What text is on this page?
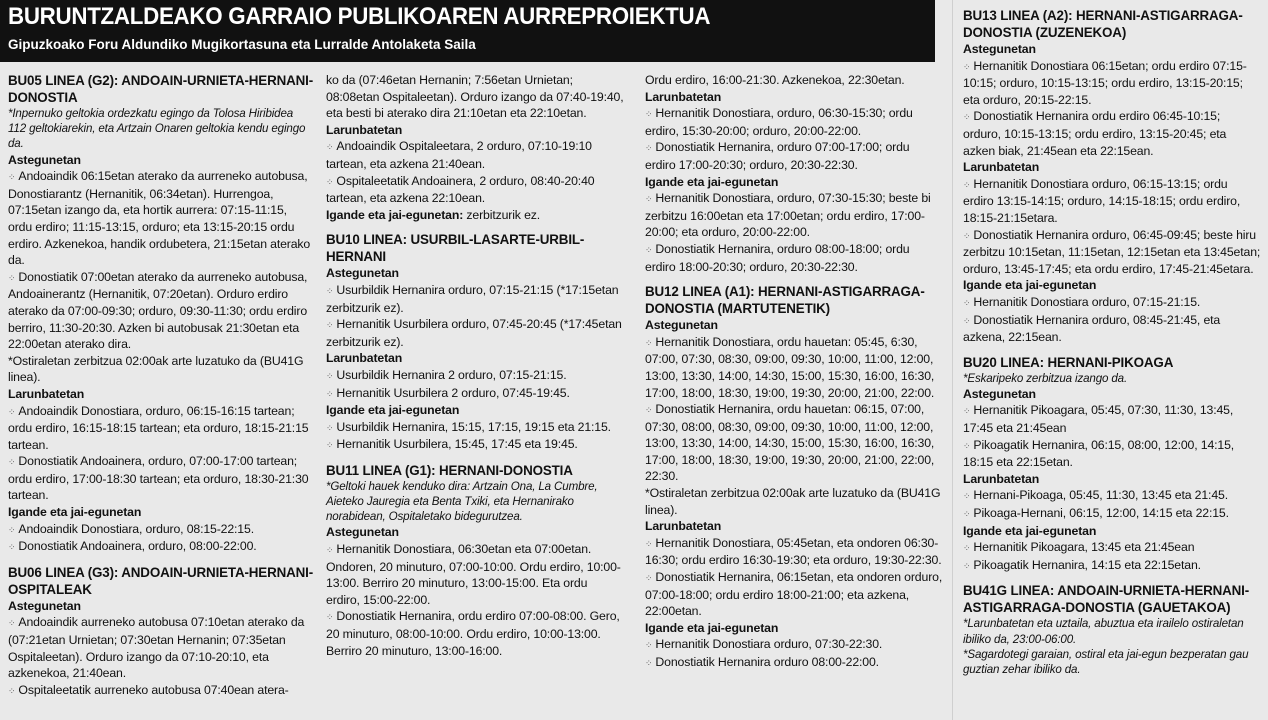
BURUNTZALDEAKO GARRAIO PUBLIKOAREN AURREPROIEKTUA
Gipuzkoako Foru Aldundiko Mugikortasuna eta Lurralde Antolaketa Saila

BU05 LINEA (G2): ANDOAIN-URNIETA-HERNANI-DONOSTIA

*Inpernuko geltokia ordezkatu egingo da Tolosa Hiribidea 112 geltokiarekin, eta Artzain Onaren geltokia kendu egingo da.

Astegunetan

⁘ Andoaindik 06:15etan aterako da aurreneko autobusa, Donostiarantz (Hernanitik, 06:34etan). Hurrengoa, 07:15etan izango da, eta hortik aurrera: 07:15-11:15, ordu erdiro; 11:15-13:15, orduro; eta 13:15-20:15 ordu erdiro. Azkenekoa, handik ordubetera, 21:15etan aterako da.

⁘ Donostiatik 07:00etan aterako da aurreneko autobusa, Andoainerantz (Hernanitik, 07:20etan). Orduro erdiro aterako da 07:00-09:30; orduro, 09:30-11:30; ordu erdiro berriro, 11:30-20:30. Azken bi autobusak 21:30etan eta 22:00etan aterako dira.

*Ostiraletan zerbitzua 02:00ak arte luzatuko da (BU41G linea).

Larunbatetan

⁘ Andoaindik Donostiara, orduro, 06:15-16:15 tartean; ordu erdiro, 16:15-18:15 tartean; eta orduro, 18:15-21:15 tartean.

⁘ Donostiatik Andoainera, orduro, 07:00-17:00 tartean; ordu erdiro, 17:00-18:30 tartean; eta orduro, 18:30-21:30 tartean.

Igande eta jai-egunetan

⁘ Andoaindik Donostiara, orduro, 08:15-22:15.

⁘ Donostiatik Andoainera, orduro, 08:00-22:00.

BU06 LINEA (G3): ANDOAIN-URNIETA-HERNANI-OSPITALEAK

Astegunetan

⁘ Andoaindik aurreneko autobusa 07:10etan aterako da (07:21etan Urnietan; 07:30etan Hernanin; 07:35etan Ospitaleetan). Orduro izango da 07:10-20:10, eta azkenekoa, 21:40ean.

⁘ Ospitaleetatik aurreneko autobusa 07:40ean atera-

ko da (07:46etan Hernanin; 7:56etan Urnietan; 08:08etan Ospitaleetan). Orduro izango da 07:40-19:40, eta besti bi aterako dira 21:10etan eta 22:10etan.

Larunbatetan

⁘ Andoaindik Ospitaleetara, 2 orduro, 07:10-19:10 tartean, eta azkena 21:40ean.

⁘ Ospitaleetatik Andoainera, 2 orduro, 08:40-20:40 tartean, eta azkena 22:10ean.

Igande eta jai-egunetan: zerbitzurik ez.

BU10 LINEA: USURBIL-LASARTE-URBIL-HERNANI

Astegunetan

⁘ Usurbildik Hernanira orduro, 07:15-21:15 (*17:15etan zerbitzurik ez).

⁘ Hernanitik Usurbilera orduro, 07:45-20:45 (*17:45etan zerbitzurik ez).

Larunbatetan

⁘ Usurbildik Hernanira 2 orduro, 07:15-21:15.

⁘ Hernanitik Usurbilera 2 orduro, 07:45-19:45.

Igande eta jai-egunetan

⁘ Usurbildik Hernanira, 15:15, 17:15, 19:15 eta 21:15.

⁘ Hernanitik Usurbilera, 15:45, 17:45 eta 19:45.

BU11 LINEA (G1): HERNANI-DONOSTIA

*Geltoki hauek kenduko dira: Artzain Ona, La Cumbre, Aieteko Jauregia eta Benta Txiki, eta Hernanirako norabidean, Ospitaletako bidegurutzea.

Astegunetan

⁘ Hernanitik Donostiara, 06:30etan eta 07:00etan. Ondoren, 20 minuturo, 07:00-10:00. Ordu erdiro, 10:00-13:00. Berriro 20 minuturo, 13:00-15:00. Eta ordu erdiro, 15:00-22:00.

⁘ Donostiatik Hernanira, ordu erdiro 07:00-08:00. Gero, 20 minuturo, 08:00-10:00. Ordu erdiro, 10:00-13:00. Berriro 20 minuturo, 13:00-16:00.

Ordu erdiro, 16:00-21:30. Azkenekoa, 22:30etan.

Larunbatetan

⁘ Hernanitik Donostiara, orduro, 06:30-15:30; ordu erdiro, 15:30-20:00; orduro, 20:00-22:00.

⁘ Donostiatik Hernanira, orduro 07:00-17:00; ordu erdiro 17:00-20:30; orduro, 20:30-22:30.

Igande eta jai-egunetan

⁘ Hernanitik Donostiara, orduro, 07:30-15:30; beste bi zerbitzu 16:00etan eta 17:00etan; ordu erdiro, 17:00-20:00; eta orduro, 20:00-22:00.

⁘ Donostiatik Hernanira, orduro 08:00-18:00; ordu erdiro 18:00-20:30; orduro, 20:30-22:30.

BU12 LINEA (A1): HERNANI-ASTIGARRAGA-DONOSTIA (MARTUTENETIK)

Astegunetan

⁘ Hernanitik Donostiara, ordu hauetan: 05:45, 6:30, 07:00, 07:30, 08:30, 09:00, 09:30, 10:00, 11:00, 12:00, 13:00, 13:30, 14:00, 14:30, 15:00, 15:30, 16:00, 16:30, 17:00, 18:00, 18:30, 19:00, 19:30, 20:00, 21:00, 22:00.

⁘ Donostiatik Hernanira, ordu hauetan: 06:15, 07:00, 07:30, 08:00, 08:30, 09:00, 09:30, 10:00, 11:00, 12:00, 13:00, 13:30, 14:00, 14:30, 15:00, 15:30, 16:00, 16:30, 17:00, 18:00, 18:30, 19:00, 19:30, 20:00, 21:00, 22:00, 22:30.

*Ostiraletan zerbitzua 02:00ak arte luzatuko da (BU41G linea).

Larunbatetan

⁘ Hernanitik Donostiara, 05:45etan, eta ondoren 06:30-16:30; ordu erdiro 16:30-19:30; eta orduro, 19:30-22:30.

⁘ Donostiatik Hernanira, 06:15etan, eta ondoren orduro, 07:00-18:00; ordu erdiro 18:00-21:00; eta azkena, 22:00etan.

Igande eta jai-egunetan

⁘ Hernanitik Donostiara orduro, 07:30-22:30.

⁘ Donostiatik Hernanira orduro 08:00-22:00.

BU13 LINEA (A2): HERNANI-ASTIGARRAGA-DONOSTIA (ZUZENEKOA)

Astegunetan

⁘ Hernanitik Donostiara 06:15etan; ordu erdiro 07:15-10:15; orduro, 10:15-13:15; ordu erdiro, 13:15-20:15; eta orduro, 20:15-22:15.

⁘ Donostiatik Hernanira ordu erdiro 06:45-10:15; orduro, 10:15-13:15; ordu erdiro, 13:15-20:45; eta azken biak, 21:45ean eta 22:15ean.

Larunbatetan

⁘ Hernanitik Donostiara orduro, 06:15-13:15; ordu erdiro 13:15-14:15; orduro, 14:15-18:15; ordu erdiro, 18:15-21:15etara.

⁘ Donostiatik Hernanira orduro, 06:45-09:45; beste hiru zerbitzu 10:15etan, 11:15etan, 12:15etan eta 13:45etan; orduro, 13:45-17:45; eta ordu erdiro, 17:45-21:45etara.

Igande eta jai-egunetan

⁘ Hernanitik Donostiara orduro, 07:15-21:15.

⁘ Donostiatik Hernanira orduro, 08:45-21:45, eta azkena, 22:15ean.

BU20 LINEA: HERNANI-PIKOAGA

*Eskaripeko zerbitzua izango da.

Astegunetan

⁘ Hernanitik Pikoagara, 05:45, 07:30, 11:30, 13:45, 17:45 eta 21:45ean

⁘ Pikoagatik Hernanira, 06:15, 08:00, 12:00, 14:15, 18:15 eta 22:15etan.

Larunbatetan

⁘ Hernani-Pikoaga, 05:45, 11:30, 13:45 eta 21:45.

⁘ Pikoaga-Hernani, 06:15, 12:00, 14:15 eta 22:15.

Igande eta jai-egunetan

⁘ Hernanitik Pikoagara, 13:45 eta 21:45ean

⁘ Pikoagatik Hernanira, 14:15 eta 22:15etan.

BU41G LINEA: ANDOAIN-URNIETA-HERNANI-ASTIGARRAGA-DONOSTIA (GAUETAKOA)

*Larunbatetan eta uztaila, abuztua eta irailelo ostiraletan ibiliko da, 23:00-06:00.

*Sagardotegi garaian, ostiral eta jai-egun bezperatan gau guztian zehar ibiliko da.
